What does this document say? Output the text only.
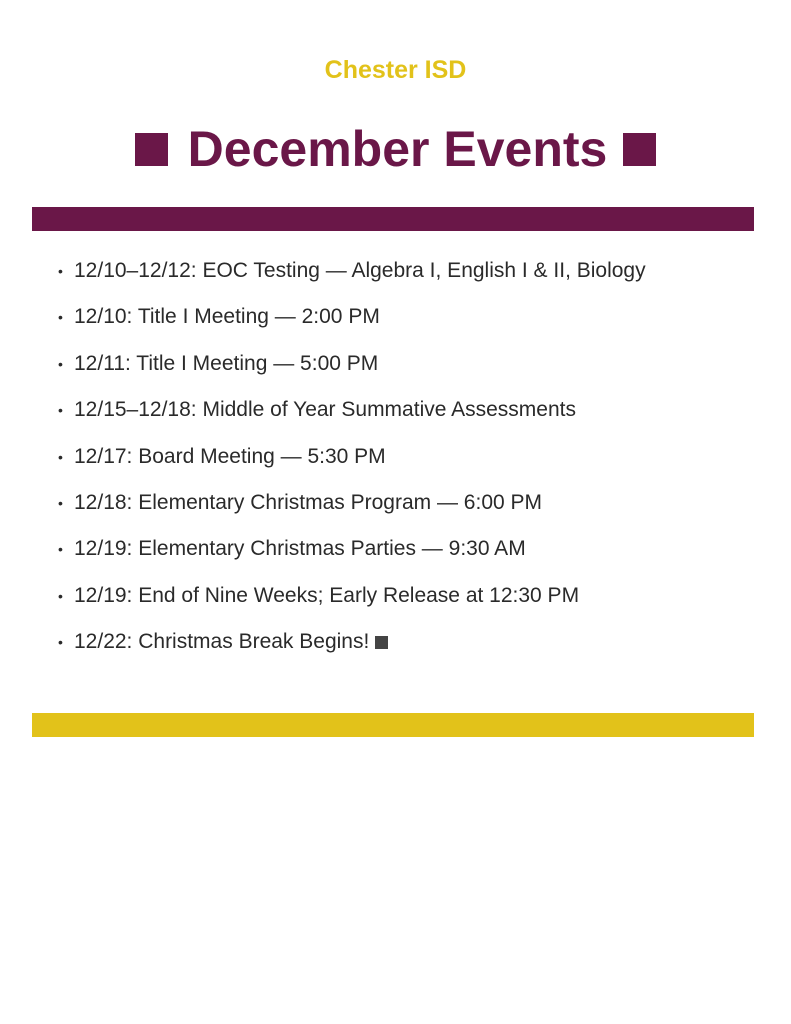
Chester ISD
December Events
• 12/10–12/12: EOC Testing — Algebra I, English I & II, Biology
• 12/10: Title I Meeting — 2:00 PM
• 12/11: Title I Meeting — 5:00 PM
• 12/15–12/18: Middle of Year Summative Assessments
• 12/17: Board Meeting — 5:30 PM
• 12/18: Elementary Christmas Program — 6:00 PM
• 12/19: Elementary Christmas Parties — 9:30 AM
• 12/19: End of Nine Weeks; Early Release at 12:30 PM
• 12/22: Christmas Break Begins!
